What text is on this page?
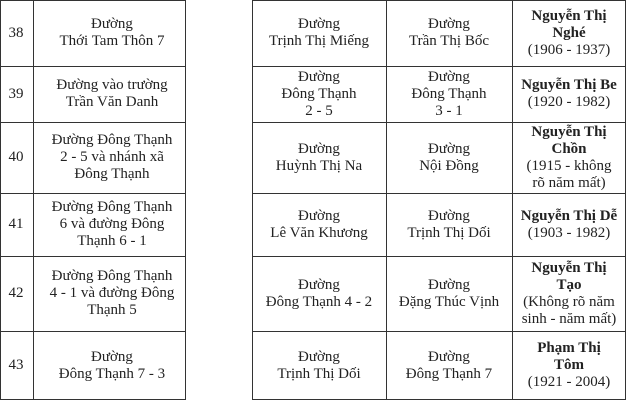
38
Đường
Thới Tam Thôn 7
Đường
Trịnh Thị Miếng
Đường
Trần Thị Bốc
Nguyễn Thị
Nghé
(1906 - 1937)
39
Đường vào trường
Trần Văn Danh
Đường
Đông Thạnh
2 - 5
Đường
Đông Thạnh
3 - 1
Nguyễn Thị Be
(1920 - 1982)
40
Đường Đông Thạnh
2 - 5 và nhánh xã
Đông Thạnh
Đường
Huỳnh Thị Na
Đường
Nội Đồng
Nguyễn Thị
Chồn
(1915 - không
rõ năm mất)
41
Đường Đông Thạnh
6 và đường Đông
Thạnh 6 - 1
Đường
Lê Văn Khương
Đường
Trịnh Thị Dối
Nguyễn Thị Dễ
(1903 - 1982)
42
Đường Đông Thạnh
4 - 1 và đường Đông
Thạnh 5
Đường
Đông Thạnh 4 - 2
Đường
Đặng Thúc Vịnh
Nguyễn Thị
Tạo
(Không rõ năm
sinh - năm mất)
43
Đường
Đông Thạnh 7 - 3
Đường
Trịnh Thị Dối
Đường
Đông Thạnh 7
Phạm Thị
Tôm
(1921 - 2004)
